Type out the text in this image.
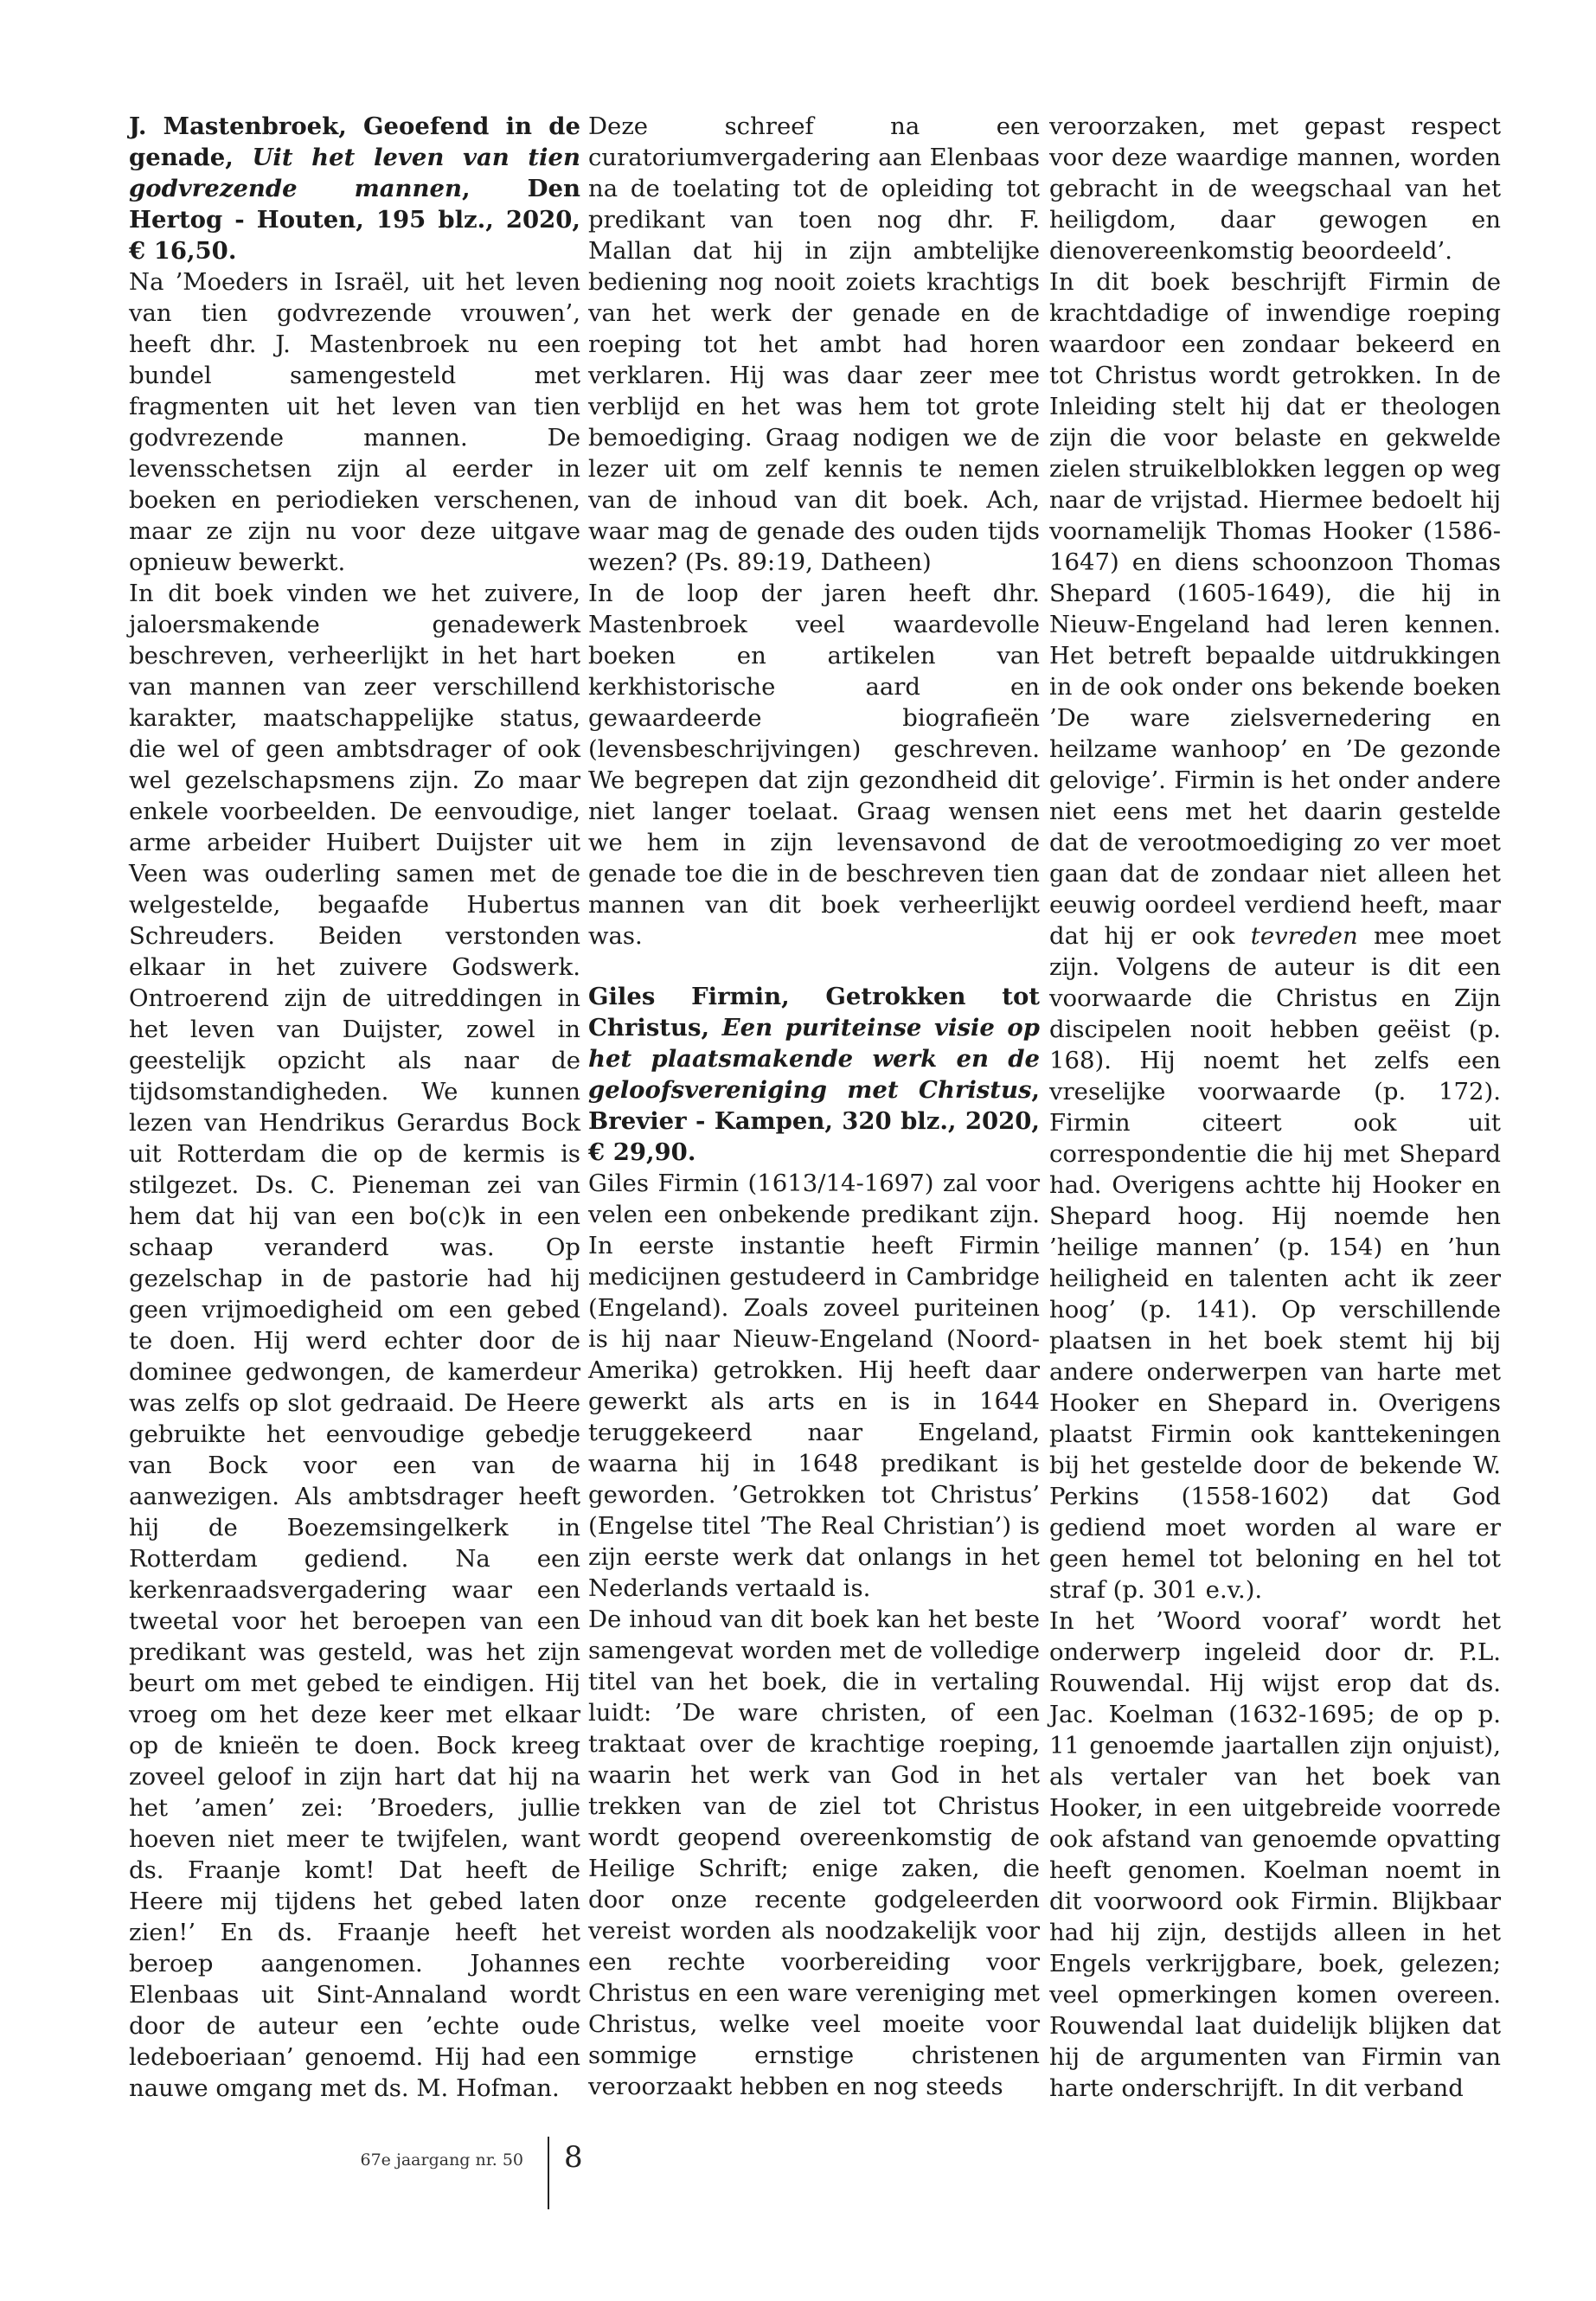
J. Mastenbroek, Geoefend in de genade, Uit het leven van tien godvrezende mannen, Den Hertog - Houten, 195 blz., 2020, € 16,50.

Na ’Moeders in Israël, uit het leven van tien godvrezende vrouwen’, heeft dhr. J. Mastenbroek nu een bundel samengesteld met fragmenten uit het leven van tien godvrezende mannen. De levensschetsen zijn al eerder in boeken en periodieken verschenen, maar ze zijn nu voor deze uitgave opnieuw bewerkt.

In dit boek vinden we het zuivere, jaloersmakende genadewerk beschreven, verheerlijkt in het hart van mannen van zeer verschillend karakter, maatschappelijke status, die wel of geen ambtsdrager of ook wel gezelschapsmens zijn. Zo maar enkele voorbeelden. De eenvoudige, arme arbeider Huibert Duijster uit Veen was ouderling samen met de welgestelde, begaafde Hubertus Schreuders. Beiden verstonden elkaar in het zuivere Godswerk. Ontroerend zijn de uitreddingen in het leven van Duijster, zowel in geestelijk opzicht als naar de tijdsomstandigheden. We kunnen lezen van Hendrikus Gerardus Bock uit Rotterdam die op de kermis is stilgezet. Ds. C. Pieneman zei van hem dat hij van een bo(c)k in een schaap veranderd was. Op gezelschap in de pastorie had hij geen vrijmoedigheid om een gebed te doen. Hij werd echter door de dominee gedwongen, de kamerdeur was zelfs op slot gedraaid. De Heere gebruikte het eenvoudige gebedje van Bock voor een van de aanwezigen. Als ambtsdrager heeft hij de Boezemsingelkerk in Rotterdam gediend. Na een kerkenraadsvergadering waar een tweetal voor het beroepen van een predikant was gesteld, was het zijn beurt om met gebed te eindigen. Hij vroeg om het deze keer met elkaar op de knieën te doen. Bock kreeg zoveel geloof in zijn hart dat hij na het ’amen’ zei: ’Broeders, jullie hoeven niet meer te twijfelen, want ds. Fraanje komt! Dat heeft de Heere mij tijdens het gebed laten zien!’ En ds. Fraanje heeft het beroep aangenomen. Johannes Elenbaas uit Sint-Annaland wordt door de auteur een ’echte oude ledeboeriaan’ genoemd. Hij had een nauwe omgang met ds. M. Hofman.

Deze schreef na een curatoriumvergadering aan Elenbaas na de toelating tot de opleiding tot predikant van toen nog dhr. F. Mallan dat hij in zijn ambtelijke bediening nog nooit zoiets krachtigs van het werk der genade en de roeping tot het ambt had horen verklaren. Hij was daar zeer mee verblijd en het was hem tot grote bemoediging. Graag nodigen we de lezer uit om zelf kennis te nemen van de inhoud van dit boek. Ach, waar mag de genade des ouden tijds wezen? (Ps. 89:19, Datheen)

In de loop der jaren heeft dhr. Mastenbroek veel waardevolle boeken en artikelen van kerkhistorische aard en gewaardeerde biografieën (levensbeschrijvingen) geschreven. We begrepen dat zijn gezondheid dit niet langer toelaat. Graag wensen we hem in zijn levensavond de genade toe die in de beschreven tien mannen van dit boek verheerlijkt was.

Giles Firmin, Getrokken tot Christus, Een puriteinse visie op het plaatsmakende werk en de geloofsvereniging met Christus, Brevier - Kampen, 320 blz., 2020, € 29,90.

Giles Firmin (1613/14-1697) zal voor velen een onbekende predikant zijn. In eerste instantie heeft Firmin medicijnen gestudeerd in Cambridge (Engeland). Zoals zoveel puriteinen is hij naar Nieuw-Engeland (Noord-Amerika) getrokken. Hij heeft daar gewerkt als arts en is in 1644 teruggekeerd naar Engeland, waarna hij in 1648 predikant is geworden. ’Getrokken tot Christus’ (Engelse titel ’The Real Christian’) is zijn eerste werk dat onlangs in het Nederlands vertaald is.

De inhoud van dit boek kan het beste samengevat worden met de volledige titel van het boek, die in vertaling luidt: ’De ware christen, of een traktaat over de krachtige roeping, waarin het werk van God in het trekken van de ziel tot Christus wordt geopend overeenkomstig de Heilige Schrift; enige zaken, die door onze recente godgeleerden vereist worden als noodzakelijk voor een rechte voorbereiding voor Christus en een ware vereniging met Christus, welke veel moeite voor sommige ernstige christenen veroorzaakt hebben en nog steeds

veroorzaken, met gepast respect voor deze waardige mannen, worden gebracht in de weegschaal van het heiligdom, daar gewogen en dienovereenkomstig beoordeeld’.

In dit boek beschrijft Firmin de krachtdadige of inwendige roeping waardoor een zondaar bekeerd en tot Christus wordt getrokken. In de Inleiding stelt hij dat er theologen zijn die voor belaste en gekwelde zielen struikelblokken leggen op weg naar de vrijstad. Hiermee bedoelt hij voornamelijk Thomas Hooker (1586-1647) en diens schoonzoon Thomas Shepard (1605-1649), die hij in Nieuw-Engeland had leren kennen. Het betreft bepaalde uitdrukkingen in de ook onder ons bekende boeken ’De ware zielsvernedering en heilzame wanhoop’ en ’De gezonde gelovige’. Firmin is het onder andere niet eens met het daarin gestelde dat de verootmoediging zo ver moet gaan dat de zondaar niet alleen het eeuwig oordeel verdiend heeft, maar dat hij er ook tevreden mee moet zijn. Volgens de auteur is dit een voorwaarde die Christus en Zijn discipelen nooit hebben geëist (p. 168). Hij noemt het zelfs een vreselijke voorwaarde (p. 172). Firmin citeert ook uit correspondentie die hij met Shepard had. Overigens achtte hij Hooker en Shepard hoog. Hij noemde hen ’heilige mannen’ (p. 154) en ’hun heiligheid en talenten acht ik zeer hoog’ (p. 141). Op verschillende plaatsen in het boek stemt hij bij andere onderwerpen van harte met Hooker en Shepard in. Overigens plaatst Firmin ook kanttekeningen bij het gestelde door de bekende W. Perkins (1558-1602) dat God gediend moet worden al ware er geen hemel tot beloning en hel tot straf (p. 301 e.v.).

In het ’Woord vooraf’ wordt het onderwerp ingeleid door dr. P.L. Rouwendal. Hij wijst erop dat ds. Jac. Koelman (1632-1695; de op p. 11 genoemde jaartallen zijn onjuist), als vertaler van het boek van Hooker, in een uitgebreide voorrede ook afstand van genoemde opvatting heeft genomen. Koelman noemt in dit voorwoord ook Firmin. Blijkbaar had hij zijn, destijds alleen in het Engels verkrijgbare, boek, gelezen; veel opmerkingen komen overeen. Rouwendal laat duidelijk blijken dat hij de argumenten van Firmin van harte onderschrijft. In dit verband

67e jaargang nr. 50 8
